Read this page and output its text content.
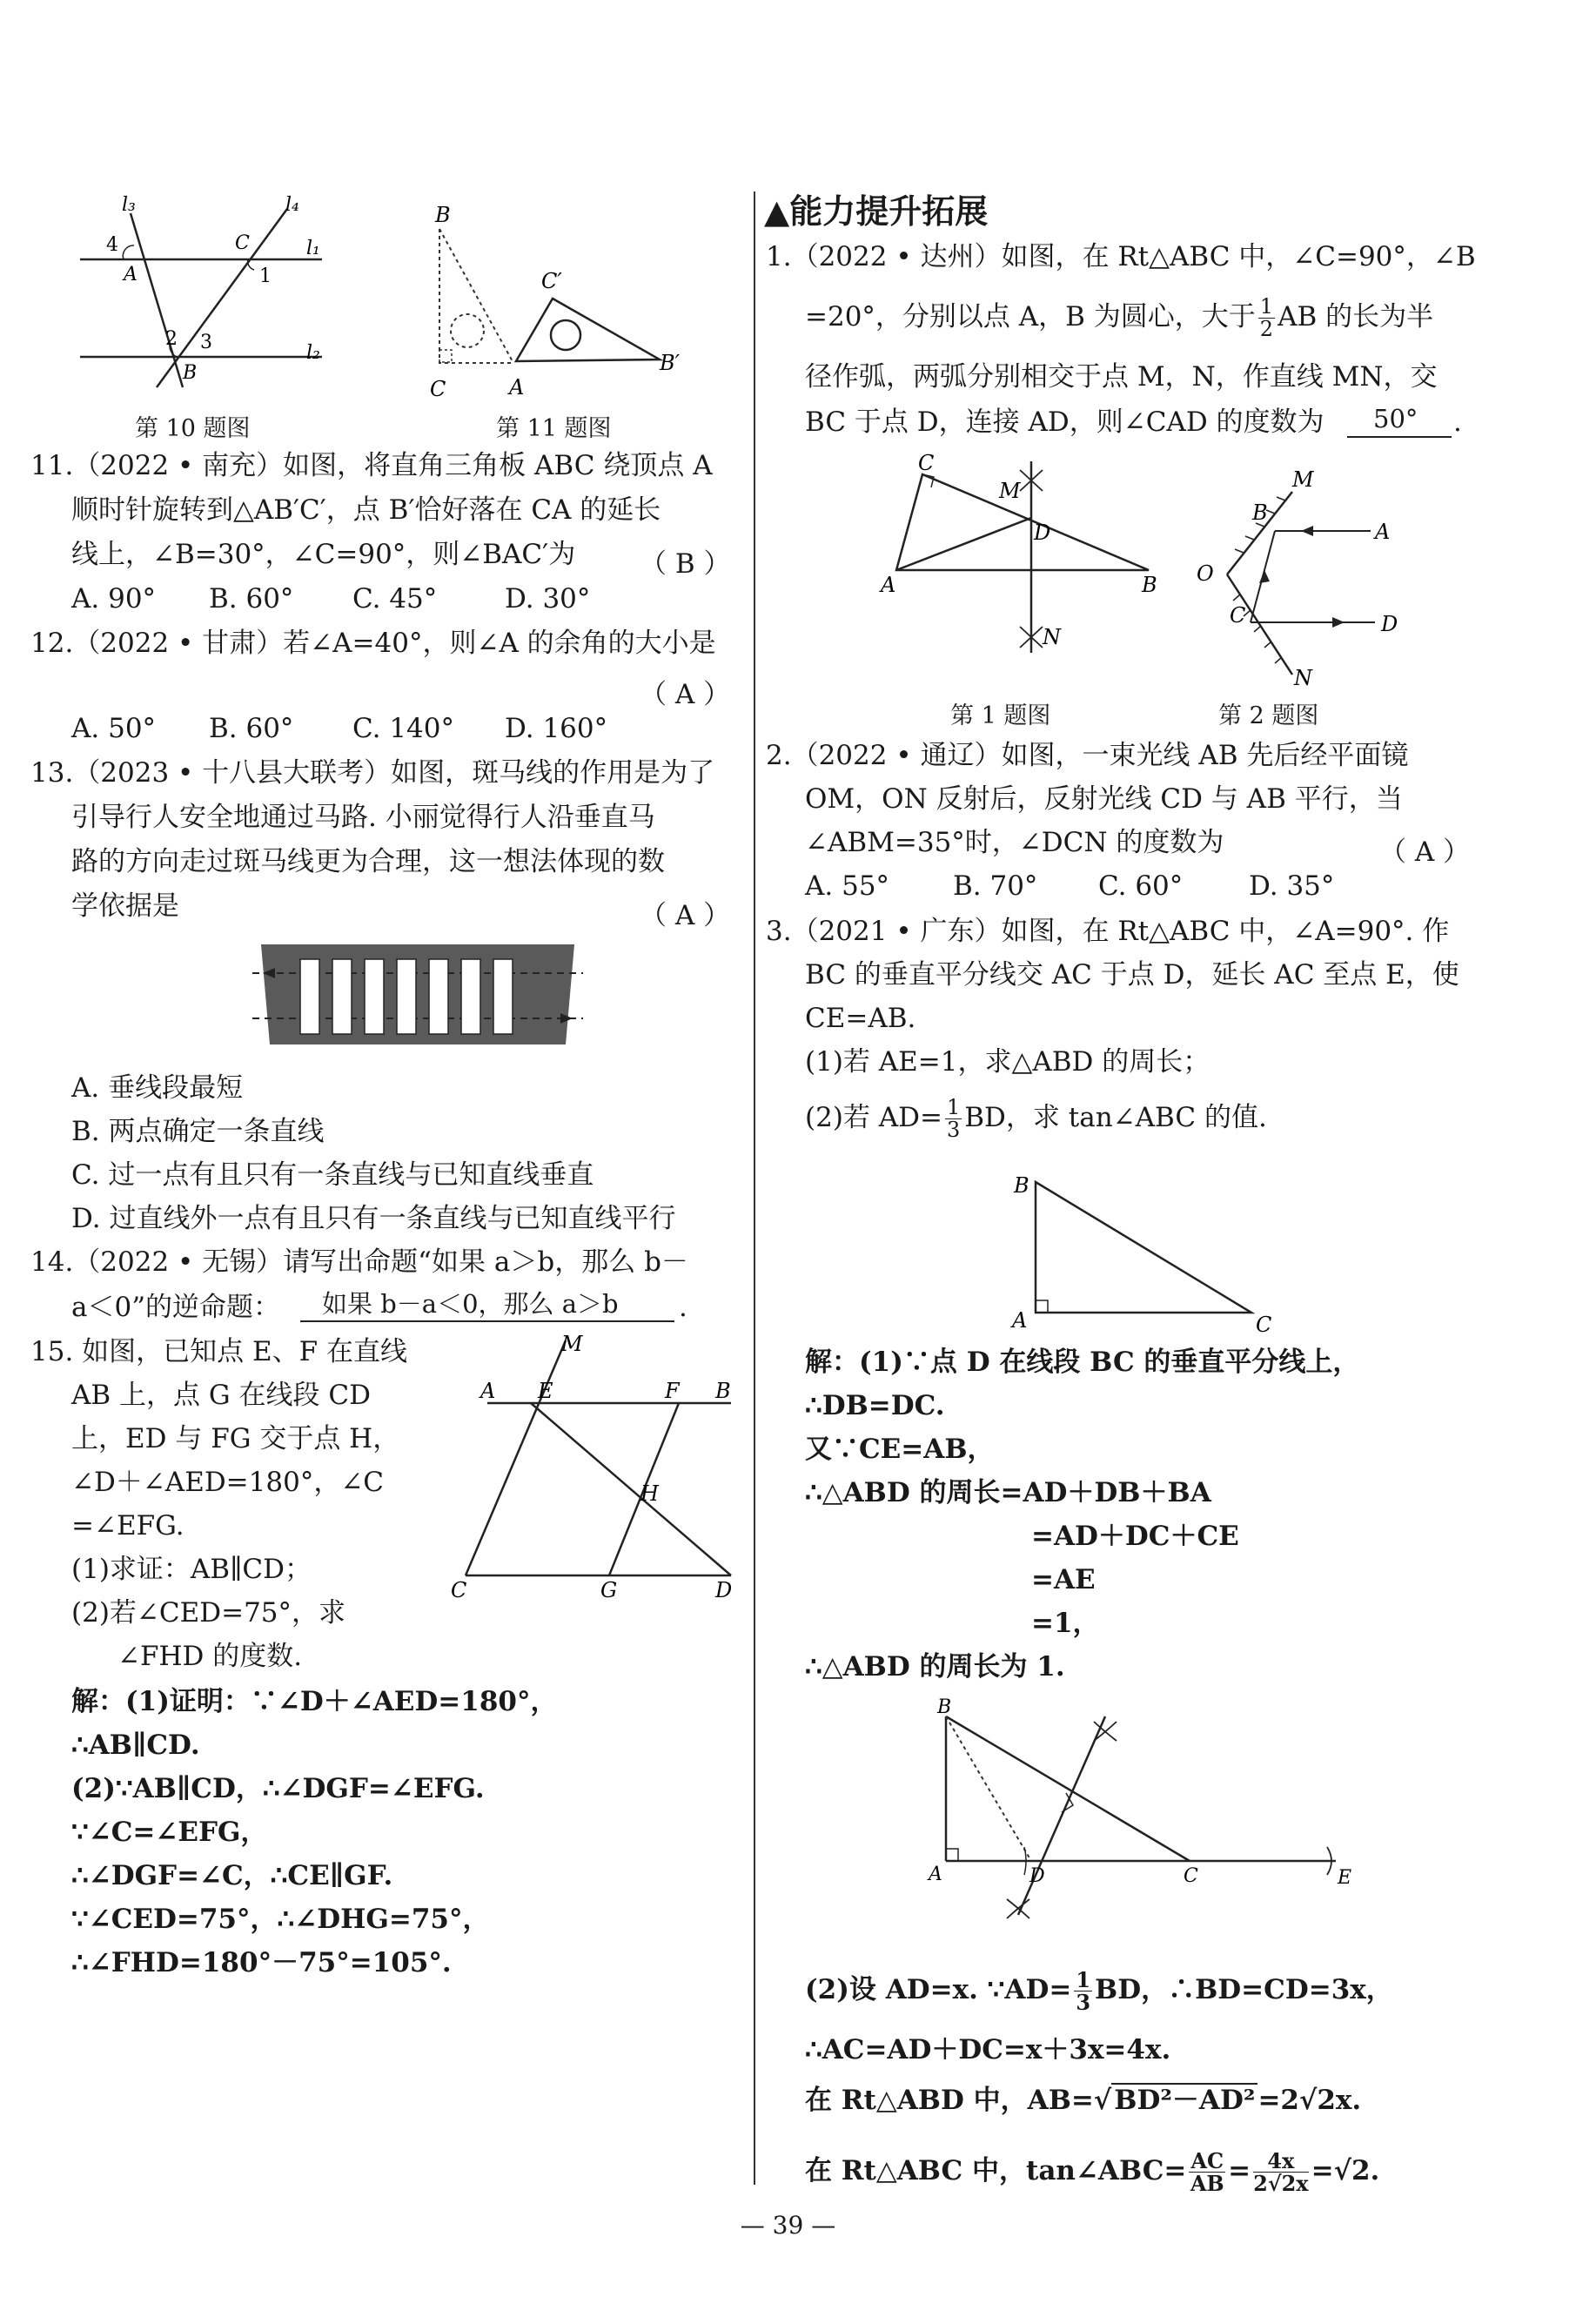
l₃	l₄
l₁
l₂
4
A
C
1
2 3
B
第 10 题图
B
C	A
C′
B′
第 11 题图
11.（2022 • 南充）如图，将直角三角板 ABC 绕顶点 A
顺时针旋转到△AB′C′，点 B′恰好落在 CA 的延长
线上，∠B=30°，∠C=90°，则∠BAC′为 （ B ）
A. 90° B. 60° C. 45°	D. 30°
12.（2022 • 甘肃）若∠A=40°，则∠A 的余角的大小是
（ A ）
A. 50° B. 60° C. 140° D. 160°
13.（2023 • 十八县大联考）如图，斑马线的作用是为了
引导行人安全地通过马路. 小丽觉得行人沿垂直马
路的方向走过斑马线更为合理，这一想法体现的数
学依据是	（ A ）
A. 垂线段最短
B. 两点确定一条直线
C. 过一点有且只有一条直线与已知直线垂直
D. 过直线外一点有且只有一条直线与已知直线平行
14.（2022 • 无锡）请写出命题“如果 a＞b，那么 b－
a＜0”的逆命题： 如果 b－a＜0，那么 a＞b .
15. 如图，已知点 E、F 在直线
AB 上，点 G 在线段 CD
上，ED 与 FG 交于点 H，
∠D＋∠AED=180°，∠C
=∠EFG.
(1)求证：AB∥CD；
(2)若∠CED=75°，求
∠FHD 的度数.
M
A E	F B
H
C	G	D
解：(1)证明：∵∠D＋∠AED=180°，
∴AB∥CD.
(2)∵AB∥CD，∴∠DGF=∠EFG.
∵∠C=∠EFG，
∴∠DGF=∠C，∴CE∥GF.
∵∠CED=75°，∴∠DHG=75°，
∴∠FHD=180°－75°=105°.
▲能力提升拓展
1.（2022 • 达州）如图，在 Rt△ABC 中，∠C=90°，∠B
=20°，分别以点 A，B 为圆心，大于 $\frac{1}{2}$ AB 的长为半
径作弧，两弧分别相交于点 M，N，作直线 MN，交
BC 于点 D，连接 AD，则∠CAD 的度数为 50° .
C
M
D
A	B
N
M
B
A
O
C	D
N
第 1 题图	第 2 题图
2.（2022 • 通辽）如图，一束光线 AB 先后经平面镜
OM，ON 反射后，反射光线 CD 与 AB 平行，当
∠ABM=35°时，∠DCN 的度数为	（ A ）
A. 55° B. 70° C. 60° D. 35°
3.（2021 • 广东）如图，在 Rt△ABC 中，∠A=90°. 作
BC 的垂直平分线交 AC 于点 D，延长 AC 至点 E，使
CE=AB.
(1)若 AE=1，求△ABD 的周长；
(2)若 $AD= \frac{1}{3}$ BD，求 tan∠ABC 的值.
B
A	C
解：(1)∵点 D 在线段 BC 的垂直平分线上，
∴DB=DC.
又∵CE=AB，
∴△ABD 的周长=AD＋DB＋BA
=AD＋DC＋CE
=AE
=1，
∴△ABD 的周长为 1.
B
A	D	C	E
(2)设 AD=x. ∵AD= $\frac{1}{3}$ BD，∴BD=CD=3x，
∴AC=AD＋DC=x＋3x=4x.
在 Rt△ABD 中，AB=√BD²－AD²=2√2x.
在 Rt△ABC 中，tan∠ABC= $\frac{AC}{AB} = \frac{4x}{2√2x} =√2$.
— 39 —
